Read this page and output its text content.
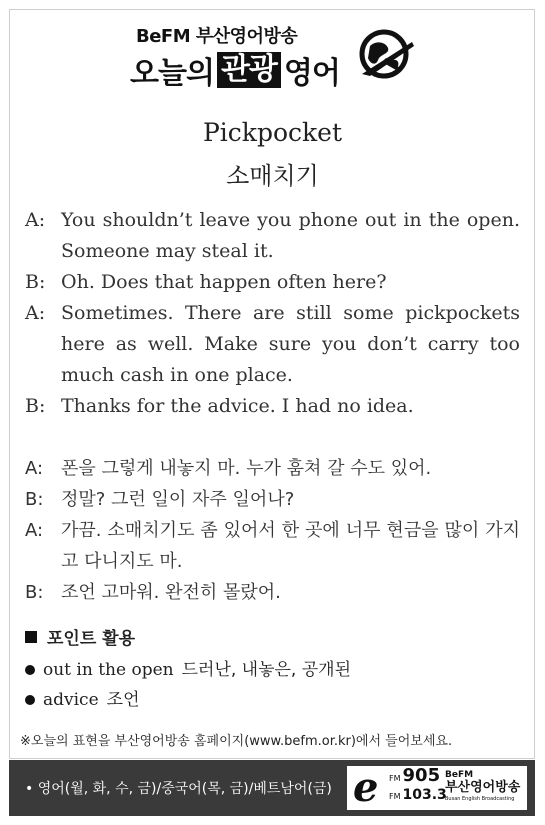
BeFM 부산영어방송
오늘의 관광 영어
Pickpocket
소매치기
A: You shouldn’t leave you phone out in the open. Someone may steal it.
B: Oh. Does that happen often here?
A: Sometimes. There are still some pickpockets here as well. Make sure you don’t carry too much cash in one place.
B: Thanks for the advice. I had no idea.
A: 폰을 그렇게 내놓지 마. 누가 훔쳐 갈 수도 있어.
B: 정말? 그런 일이 자주 일어나?
A: 가끔. 소매치기도 좀 있어서 한 곳에 너무 현금을 많이 가지고 다니지도 마.
B: 조언 고마워. 완전히 몰랐어.
포인트 활용
out in the open 드러난, 내놓은, 공개된
advice 조언
※오늘의 표현을 부산영어방송 홈페이지(www.befm.or.kr)에서 들어보세요.
• 영어(월, 화, 수, 금)/중국어(목, 금)/베트남어(금) e FM 905
FM 103.3
BeFM
부산영어방송
Busan English Broadcasting
